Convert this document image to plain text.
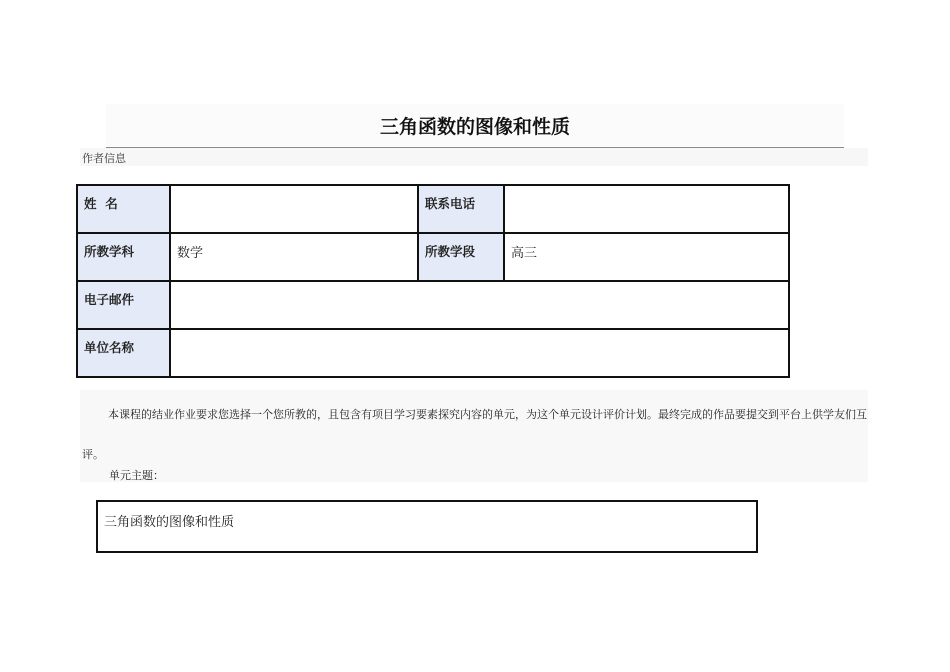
三角函数的图像和性质
作者信息
姓  名		联系电话	
所教学科	数学	所教学段	高三
电子邮件			
单位名称			
本课程的结业作业要求您选择一个您所教的，且包含有项目学习要素探究内容的单元，为这个单元设计评价计划。最终完成的作品要提交到平台上供学友们互评。
单元主题：
三角函数的图像和性质
